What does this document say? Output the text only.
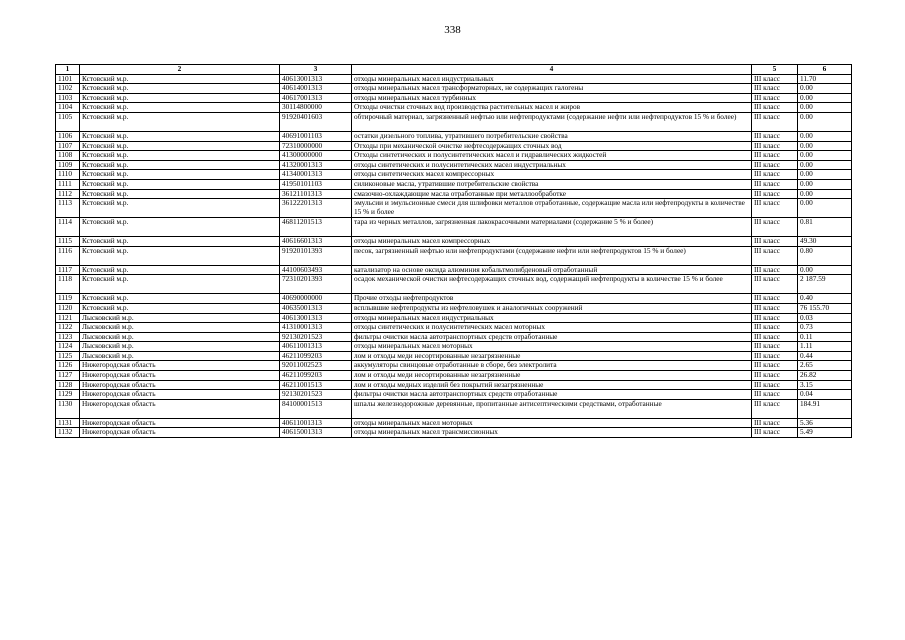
338
1	2	3	4	5	6
1101	Кстовский м.р.	40613001313	отходы минеральных масел индустриальных	III класс	11.70
1102	Кстовский м.р.	40614001313	отходы минеральных масел трансформаторных, не содержащих галогены	III класс	0.00
1103	Кстовский м.р.	40617001313	отходы минеральных масел турбинных	III класс	0.00
1104	Кстовский м.р.	30114800000	Отходы очистки сточных вод производства растительных масел и жиров	III класс	0.00
1105	Кстовский м.р.	91920401603	обтирочный материал, загрязненный нефтью или нефтепродуктами (содержание нефти или нефтепродуктов 15 % и более)	III класс	0.00
1106	Кстовский м.р.	40691001103	остатки дизельного топлива, утратившего потребительские свойства	III класс	0.00
1107	Кстовский м.р.	72310000000	Отходы при механической очистке нефтесодержащих сточных вод	III класс	0.00
1108	Кстовский м.р.	41300000000	Отходы синтетических и полусинтетических масел и гидравлических жидкостей	III класс	0.00
1109	Кстовский м.р.	41320001313	отходы синтетических и полусинтетических масел индустриальных	III класс	0.00
1110	Кстовский м.р.	41340001313	отходы синтетических масел компрессорных	III класс	0.00
1111	Кстовский м.р.	41950101103	силиконовые масла, утратившие потребительские свойства	III класс	0.00
1112	Кстовский м.р.	36121101313	смазочно-охлаждающие масла отработанные при металлообработке	III класс	0.00
1113	Кстовский м.р.	36122201313	эмульсии и эмульсионные смеси для шлифовки металлов отработанные, содержащие масла или нефтепродукты в количестве 15 % и более	III класс	0.00
1114	Кстовский м.р.	46811201513	тара из черных металлов, загрязненная лакокрасочными материалами (содержание 5 % и более)	III класс	0.81
1115	Кстовский м.р.	40616601313	отходы минеральных масел компрессорных	III класс	49.30
1116	Кстовский м.р.	91920101393	песок, загрязненный нефтью или нефтепродуктами (содержание нефти или нефтепродуктов 15 % и более)	III класс	0.80
1117	Кстовский м.р.	44100603493	катализатор на основе оксида алюминия кобальтмолибденовый отработанный	III класс	0.00
1118	Кстовский м.р.	72310201393	осадок механической очистки нефтесодержащих сточных вод, содержащий нефтепродукты в количестве 15 % и более	III класс	2 187.59
1119	Кстовский м.р.	40690000000	Прочие отходы нефтепродуктов	III класс	0.40
1120	Кстовский м.р.	40635001313	всплывшие нефтепродукты из нефтеловушек и аналогичных сооружений	III класс	76 155.70
1121	Лысковский м.р.	40613001313	отходы минеральных масел индустриальных	III класс	0.03
1122	Лысковский м.р.	41310001313	отходы синтетических и полусинтетических масел моторных	III класс	0.73
1123	Лысковский м.р.	92130201523	фильтры очистки масла автотранспортных средств отработанные	III класс	0.11
1124	Лысковский м.р.	40611001313	отходы минеральных масел моторных	III класс	1.11
1125	Лысковский м.р.	46211099203	лом и отходы меди несортированные незагрязненные	III класс	0.44
1126	Нижегородская область	92011002523	аккумуляторы свинцовые отработанные в сборе, без электролита	III класс	2.65
1127	Нижегородская область	46211099203	лом и отходы меди несортированные незагрязненные	III класс	26.82
1128	Нижегородская область	46211001513	лом и отходы медных изделий без покрытий незагрязненные	III класс	3.15
1129	Нижегородская область	92130201523	фильтры очистки масла автотранспортных средств отработанные	III класс	0.04
1130	Нижегородская область	84100001513	шпалы железнодорожные деревянные, пропитанные антисептическими средствами, отработанные	III класс	184.91
1131	Нижегородская область	40611001313	отходы минеральных масел моторных	III класс	5.36
1132	Нижегородская область	40615001313	отходы минеральных масел трансмиссионных	III класс	5.49
